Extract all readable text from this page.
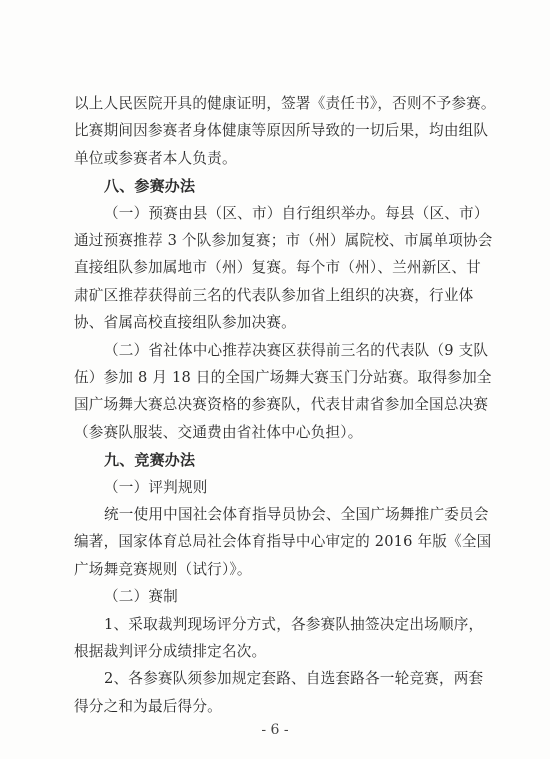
以上人民医院开具的健康证明，签署《责任书》，否则不予参赛。
比赛期间因参赛者身体健康等原因所导致的一切后果，均由组队
单位或参赛者本人负责。
八、参赛办法
（一）预赛由县（区、市）自行组织举办。每县（区、市）
通过预赛推荐 3 个队参加复赛；市（州）属院校、市属单项协会
直接组队参加属地市（州）复赛。每个市（州）、兰州新区、甘
肃矿区推荐获得前三名的代表队参加省上组织的决赛，行业体
协、省属高校直接组队参加决赛。
（二）省社体中心推荐决赛区获得前三名的代表队（9 支队
伍）参加 8 月 18 日的全国广场舞大赛玉门分站赛。取得参加全
国广场舞大赛总决赛资格的参赛队，代表甘肃省参加全国总决赛
（参赛队服装、交通费由省社体中心负担）。
九、竞赛办法
（一）评判规则
统一使用中国社会体育指导员协会、全国广场舞推广委员会
编著，国家体育总局社会体育指导中心审定的 2016 年版《全国
广场舞竞赛规则（试行）》。
（二）赛制
1、采取裁判现场评分方式，各参赛队抽签决定出场顺序，
根据裁判评分成绩排定名次。
2、各参赛队须参加规定套路、自选套路各一轮竞赛，两套
得分之和为最后得分。
- 6 -
